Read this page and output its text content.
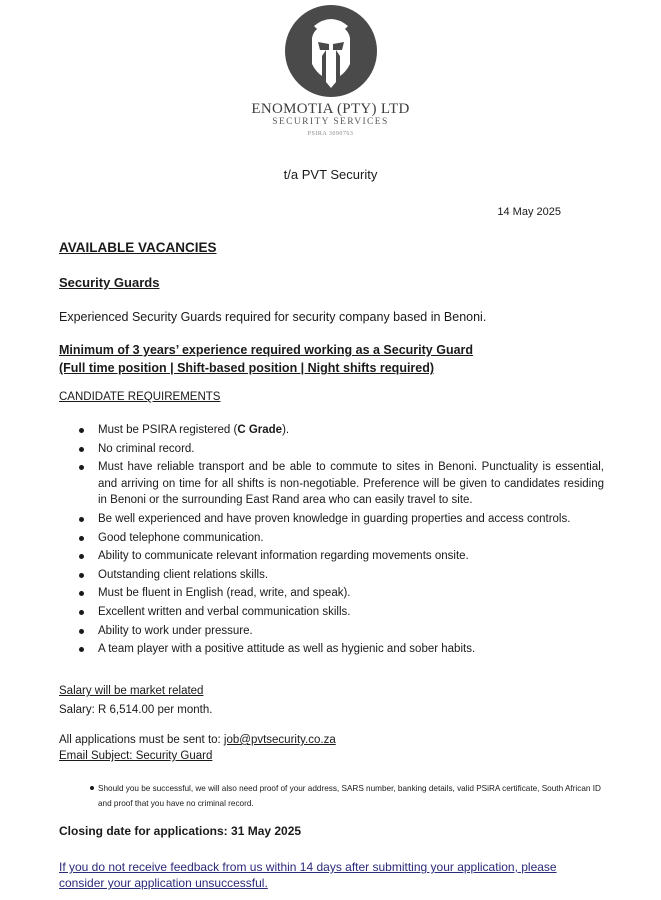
ENOMOTIA (PTY) LTD
SECURITY SERVICES
PSIRA 3090763
t/a PVT Security
14 May 2025
AVAILABLE VACANCIES
Security Guards
Experienced Security Guards required for security company based in Benoni.
Minimum of 3 years’ experience required working as a Security Guard
(Full time position | Shift-based position | Night shifts required)
CANDIDATE REQUIREMENTS
Must be PSIRA registered (C Grade).
No criminal record.
Must have reliable transport and be able to commute to sites in Benoni. Punctuality is essential, and arriving on time for all shifts is non-negotiable. Preference will be given to candidates residing in Benoni or the surrounding East Rand area who can easily travel to site.
Be well experienced and have proven knowledge in guarding properties and access controls.
Good telephone communication.
Ability to communicate relevant information regarding movements onsite.
Outstanding client relations skills.
Must be fluent in English (read, write, and speak).
Excellent written and verbal communication skills.
Ability to work under pressure.
A team player with a positive attitude as well as hygienic and sober habits.
Salary will be market related
Salary: R 6,514.00 per month.
All applications must be sent to: job@pvtsecurity.co.za
Email Subject: Security Guard
Should you be successful, we will also need proof of your address, SARS number, banking details, valid PSiRA certificate, South African ID and proof that you have no criminal record.
Closing date for applications: 31 May 2025
If you do not receive feedback from us within 14 days after submitting your application, please consider your application unsuccessful.
